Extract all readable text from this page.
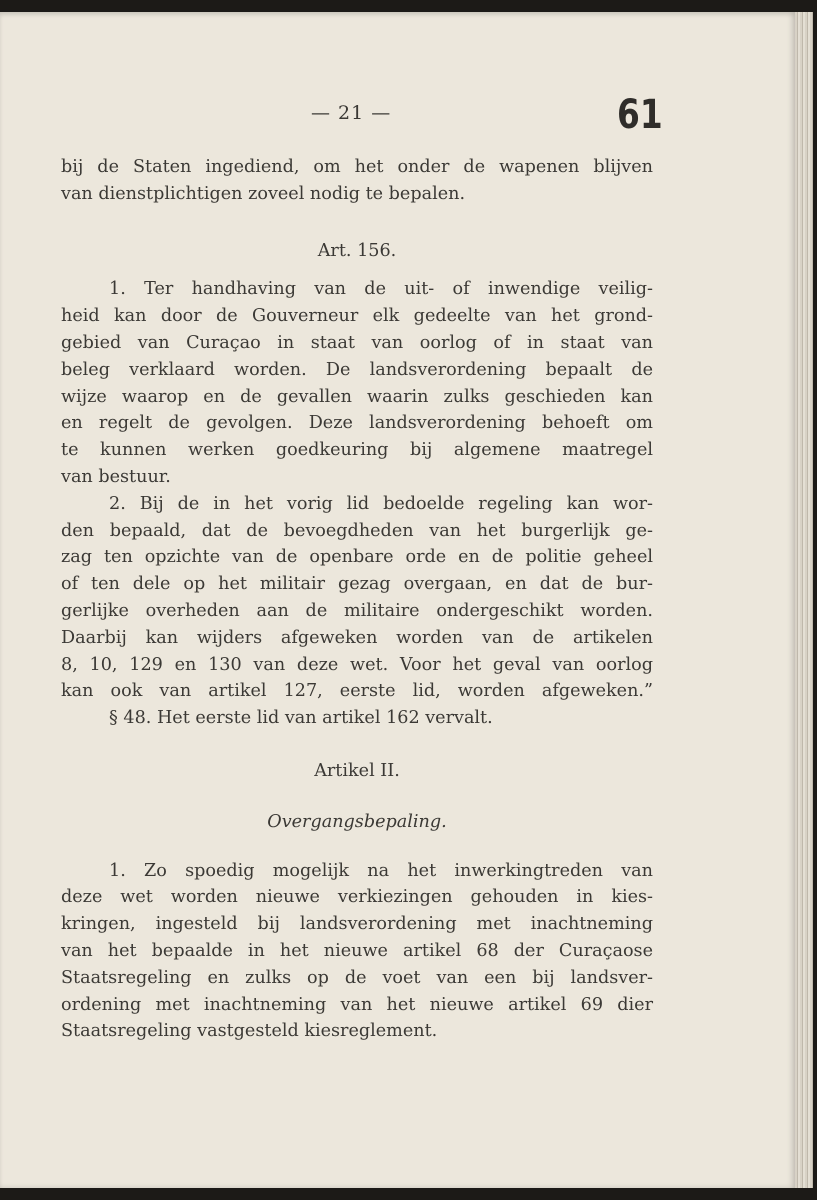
— 21 —	61
bij de Staten ingediend, om het onder de wapenen blijven
van dienstplichtigen zoveel nodig te bepalen.
Art. 156.
1. Ter handhaving van de uit- of inwendige veilig-
heid kan door de Gouverneur elk gedeelte van het grond-
gebied van Curaçao in staat van oorlog of in staat van
beleg verklaard worden. De landsverordening bepaalt de
wijze waarop en de gevallen waarin zulks geschieden kan
en regelt de gevolgen. Deze landsverordening behoeft om
te kunnen werken goedkeuring bij algemene maatregel
van bestuur.
2. Bij de in het vorig lid bedoelde regeling kan wor-
den bepaald, dat de bevoegdheden van het burgerlijk ge-
zag ten opzichte van de openbare orde en de politie geheel
of ten dele op het militair gezag overgaan, en dat de bur-
gerlijke overheden aan de militaire ondergeschikt worden.
Daarbij kan wijders afgeweken worden van de artikelen
8, 10, 129 en 130 van deze wet. Voor het geval van oorlog
kan ook van artikel 127, eerste lid, worden afgeweken.”
§ 48. Het eerste lid van artikel 162 vervalt.
Artikel II.
Overgangsbepaling.
1. Zo spoedig mogelijk na het inwerkingtreden van
deze wet worden nieuwe verkiezingen gehouden in kies-
kringen, ingesteld bij landsverordening met inachtneming
van het bepaalde in het nieuwe artikel 68 der Curaçaose
Staatsregeling en zulks op de voet van een bij landsver-
ordening met inachtneming van het nieuwe artikel 69 dier
Staatsregeling vastgesteld kiesreglement.
